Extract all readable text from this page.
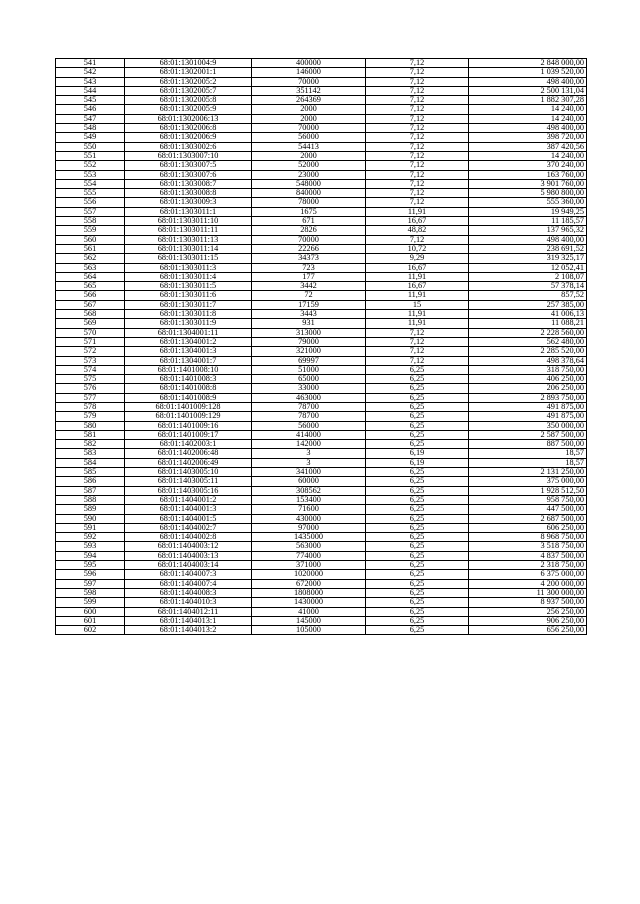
541	68:01:1301004:9	400000	7,12	2 848 000,00
542	68:01:1302001:1	146000	7,12	1 039 520,00
543	68:01:1302005:2	70000	7,12	498 400,00
544	68:01:1302005:7	351142	7,12	2 500 131,04
545	68:01:1302005:8	264369	7,12	1 882 307,28
546	68:01:1302005:9	2000	7,12	14 240,00
547	68:01:1302006:13	2000	7,12	14 240,00
548	68:01:1302006:8	70000	7,12	498 400,00
549	68:01:1302006:9	56000	7,12	398 720,00
550	68:01:1303002:6	54413	7,12	387 420,56
551	68:01:1303007:10	2000	7,12	14 240,00
552	68:01:1303007:5	52000	7,12	370 240,00
553	68:01:1303007:6	23000	7,12	163 760,00
554	68:01:1303008:7	548000	7,12	3 901 760,00
555	68:01:1303008:8	840000	7,12	5 980 800,00
556	68:01:1303009:3	78000	7,12	555 360,00
557	68:01:1303011:1	1675	11,91	19 949,25
558	68:01:1303011:10	671	16,67	11 185,57
559	68:01:1303011:11	2826	48,82	137 965,32
560	68:01:1303011:13	70000	7,12	498 400,00
561	68:01:1303011:14	22266	10,72	238 691,52
562	68:01:1303011:15	34373	9,29	319 325,17
563	68:01:1303011:3	723	16,67	12 052,41
564	68:01:1303011:4	177	11,91	2 108,07
565	68:01:1303011:5	3442	16,67	57 378,14
566	68:01:1303011:6	72	11,91	857,52
567	68:01:1303011:7	17159	15	257 385,00
568	68:01:1303011:8	3443	11,91	41 006,13
569	68:01:1303011:9	931	11,91	11 088,21
570	68:01:1304001:11	313000	7,12	2 228 560,00
571	68:01:1304001:2	79000	7,12	562 480,00
572	68:01:1304001:3	321000	7,12	2 285 520,00
573	68:01:1304001:7	69997	7,12	498 378,64
574	68:01:1401008:10	51000	6,25	318 750,00
575	68:01:1401008:3	65000	6,25	406 250,00
576	68:01:1401008:8	33000	6,25	206 250,00
577	68:01:1401008:9	463000	6,25	2 893 750,00
578	68:01:1401009:128	78700	6,25	491 875,00
579	68:01:1401009:129	78700	6,25	491 875,00
580	68:01:1401009:16	56000	6,25	350 000,00
581	68:01:1401009:17	414000	6,25	2 587 500,00
582	68:01:1402003:1	142000	6,25	887 500,00
583	68:01:1402006:48	3	6,19	18,57
584	68:01:1402006:49	3	6,19	18,57
585	68:01:1403005:10	341000	6,25	2 131 250,00
586	68:01:1403005:11	60000	6,25	375 000,00
587	68:01:1403005:16	308562	6,25	1 928 512,50
588	68:01:1404001:2	153400	6,25	958 750,00
589	68:01:1404001:3	71600	6,25	447 500,00
590	68:01:1404001:5	430000	6,25	2 687 500,00
591	68:01:1404002:7	97000	6,25	606 250,00
592	68:01:1404002:8	1435000	6,25	8 968 750,00
593	68:01:1404003:12	563000	6,25	3 518 750,00
594	68:01:1404003:13	774000	6,25	4 837 500,00
595	68:01:1404003:14	371000	6,25	2 318 750,00
596	68:01:1404007:3	1020000	6,25	6 375 000,00
597	68:01:1404007:4	672000	6,25	4 200 000,00
598	68:01:1404008:3	1808000	6,25	11 300 000,00
599	68:01:1404010:3	1430000	6,25	8 937 500,00
600	68:01:1404012:11	41000	6,25	256 250,00
601	68:01:1404013:1	145000	6,25	906 250,00
602	68:01:1404013:2	105000	6,25	656 250,00
